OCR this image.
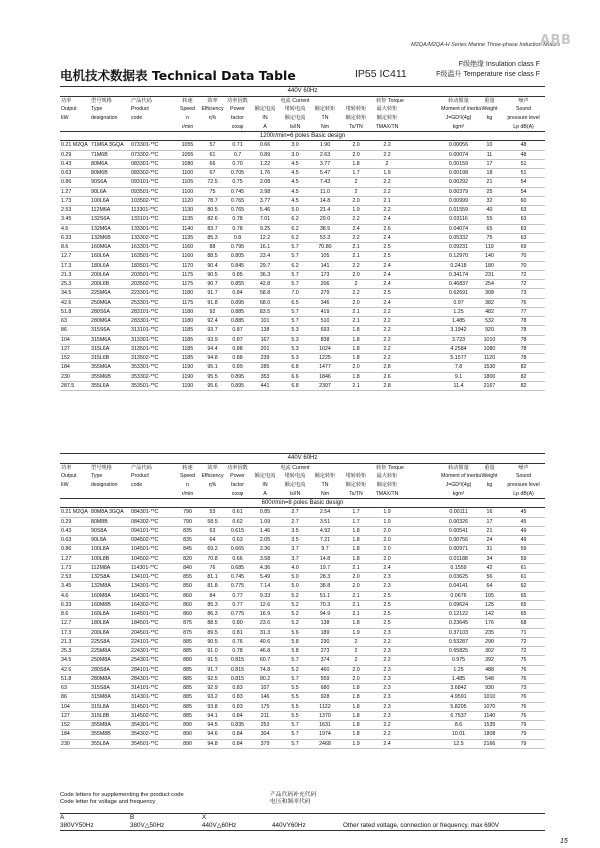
M2QA/M2QA-H Series Marine Three-phase Induction Motors
ABB
电机技术数据表 Technical Data Table	IP55 IC411
F级绝缘 Insulation class F
F级温升 Temperature rise class F
440V 60Hz														
功率	型号规格	产品代码	转速	效率	功率因数	电流 Current			转矩 Torque			转动惯量	重量	噪声
Output	Type	Product	Speed	Efficiency	Power	额定电流	堵转电流	额定转矩	堵转转矩	最大转矩		Moment of inertia	Weight	Sound
kW	designation	code	n	η%	factor	IN	额定电流	TN	额定转矩	额定转矩		J=GD²/(4g)	kg	pressure level
			r/min		cosφ	A	Is/IN	Nm	Ts/TN	TMAX/TN		kgm²		Lp dB(A)
1200r/min=6 poles Basic design														
0.21 M2QA	71M6A 3GQA	073301-**C	1055	57	0.71	0.66	3.0	1.90	2.0	2.2		0.00056	10	48
0.29	71M6B	073302-**C	1055	61	0.7	0.89	3.0	2.63	2.0	2.2		0.00074	11	48
0.43	80M6A	083301-**C	1080	66	0.70	1.22	4.5	3.77	1.8	2		0.00159	17	51
0.63	80M6B	083302-**C	1100	67	0.705	1.76	4.5	5.47	1.7	1.9		0.00198	18	51
0.86	90S6A	093101-**C	1105	72.5	0.75	2.08	4.5	7.43	2	2.2		0.00292	21	54
1.27	90L6A	093501-**C	1100	75	0.745	2.98	4.5	11.0	2	2.2		0.00379	25	54
1.73	100L6A	103502-**C	1120	78.7	0.765	3.77	4.5	14.8	2.0	2.1		0.00999	32	60
2.53	112M6A	113301-**C	1130	80.5	0.765	5.46	5.0	21.4	1.9	2.2		0.01559	40	63
3.45	132S6A	133101-**C	1135	82.6	0.78	7.01	6.2	29.0	2.2	2.4		0.03116	55	63
4.6	132M6A	133301-**C	1140	83.7	0.78	9.25	6.2	38.5	2.4	2.6		0.04074	65	63
6.33	132M6B	133302-**C	1135	85.3	0.8	12.2	6.2	53.3	2.2	2.4		0.05332	75	63
8.6	160M6A	163301-**C	1160	88	0.795	16.1	5.7	70.80	2.1	2.5		0.09231	119	69
12.7	160L6A	163501-**C	1160	88.5	0.805	23.4	5.7	105	2.1	2.5		0.12970	140	70
17.3	180L6A	183501-**C	1170	90.4	0.845	29.7	6.2	141	2.2	2.4		0.2418	180	70
21.3	200L6A	203501-**C	1175	90.5	0.85	36.3	5.7	173	2.0	2.4		0.34174	231	72
25.3	200L6B	203502-**C	1175	90.7	0.855	42.8	5.7	206	2	2.4		0.46837	254	72
34.5	225M6A	223301-**C	1180	91.7	0.84	58.8	7.0	279	2.2	2.5		0.62691	308	73
42.6	250M6A	253301-**C	1175	91.8	0.895	68.0	6.5	346	2.0	2.4		0.97	382	76
51.8	280S6A	283101-**C	1180	92	0.885	83.5	5.7	419	2.1	2.2		1.25	482	77
63	280M6A	283301-**C	1180	92.4	0.885	101	5.7	510	2.1	2.2		1.485	532	78
86	315S6A	313101-**C	1185	93.7	0.87	138	5.3	693	1.8	2.2		3.1942	920	78
104	315M6A	313301-**C	1185	93.9	0.87	167	5.3	838	1.8	2.2		3.723	1010	78
127	315L6A	313501-**C	1185	94.4	0.88	201	5.3	1024	1.8	2.2		4.2584	1080	78
152	315L6B	313502-**C	1185	94.8	0.88	239	5.3	1225	1.8	2.2		5.1577	1120	78
184	355M6A	353301-**C	1190	95.1	0.89	285	6.8	1477	2.0	2.8		7.8	1530	82
230	355M6B	353302-**C	1190	95.5	0.895	353	6.6	1846	1.8	2.6		9.1	1800	82
287.5	355L6A	353501-**C	1190	95.6	0.895	441	6.8	2307	2.1	2.8		11.4	2167	82
440V 60Hz														
功率	型号规格	产品代码	转速	效率	功率因数	电流 Current			转矩 Torque			转动惯量	重量	噪声
Output	Type	Product	Speed	Efficiency	Power	额定电流	堵转电流	额定转矩	堵转转矩	最大转矩		Moment of inertia	Weight	Sound
kW	designation	code	n	η%	factor	IN	额定电流	TN	额定转矩	额定转矩		J=GD²/(4g)	kg	pressure level
			r/min		cosφ	A	Is/IN	Nm	Ts/TN	TMAX/TN		kgm²		Lp dB(A)
600r/min=8 poles Basic design														
0.21 M2QA	80M8A 3GQA	084301-**C	790	53	0.61	0.85	2.7	2.54	1.7	1.9		0.00111	16	45
0.29	80M8B	084302-**C	790	58.5	0.62	1.09	2.7	3.51	1.7	1.9		0.00326	17	45
0.43	90S8A	094101-**C	835	63	0.615	1.46	3.5	4.92	1.8	2.0		0.00541	21	49
0.63	90L8A	094502-**C	835	64	0.63	2.05	3.5	7.21	1.8	2.0		0.00756	24	49
0.86	100L8A	104501-**C	845	69.2	0.665	2.36	3.7	9.7	1.8	2.0		0.00971	31	59
1.27	100L8B	104502-**C	820	70.8	0.66	3.58	3.7	14.8	1.8	2.0		0.01188	34	59
1.73	112M8A	114301-**C	840	76	0.685	4.36	4.0	19.7	2.1	2.4		0.1559	42	61
2.53	132S8A	134101-**C	855	81.1	0.745	5.49	5.0	28.3	2.0	2.3		0.03625	56	61
3.45	132M8A	134301-**C	850	81.8	0.775	7.14	5.0	38.8	2.0	2.3		0.04141	64	62
4.6	160M8A	164301-**C	860	84	0.77	9.33	5.2	51.1	2.1	2.5		0.0676	105	65
6.33	160M8B	164302-**C	860	85.3	0.77	12.6	5.2	70.3	2.1	2.5		0.09624	125	65
8.6	160L8A	164501-**C	860	86.3	0.775	16.9	5.2	94.9	2.1	2.5		0.12122	142	65
12.7	180L8A	184501-**C	875	88.5	0.80	23.6	5.2	138	1.8	2.5		0.23645	176	68
17.3	200L8A	204501-**C	875	89.5	0.81	31.3	5.6	189	1.9	2.3		0.37103	235	71
21.3	225S8A	224101-**C	885	90.5	0.76	40.6	5.8	230	2	2.2		0.53287	290	72
25.3	225M8A	224301-**C	885	91.0	0.78	46.8	5.8	273	2	2.3		0.65825	302	72
34.5	250M8A	254301-**C	880	91.5	0.815	60.7	5.7	374	2	2.2		0.975	392	75
42.6	280S8A	284101-**C	885	91.7	0.815	74.8	5.2	460	2.0	2.3		1.25	488	76
51.8	280M8A	284301-**C	885	92.5	0.815	90.2	5.7	559	2.0	2.3		1.485	548	76
63	315S8A	314101-**C	885	92.9	0.83	107	5.5	680	1.8	2.3		3.6842	930	73
86	315M8A	314301-**C	885	93.2	0.83	146	5.5	928	1.8	2.3		4.9591	1010	76
104	315L8A	314501-**C	885	93.8	0.83	175	5.5	1122	1.8	2.3		5.8205	1070	76
127	315L8B	314502-**C	885	94.1	0.84	211	5.5	1370	1.8	2.3		6.7537	1140	76
152	355M8A	354301-**C	890	94.5	0.835	253	5.7	1631	1.8	2.2		8.6	1535	79
184	355M8B	354302-**C	890	94.6	0.84	304	5.7	1974	1.8	2.2		10.01	1808	79
230	355L8A	354501-**C	890	94.8	0.84	379	5.7	2468	1.9	2.4		12.5	2166	79
Code letters for supplementing the product code
Code letter for voltage and frequency
产品代码补充代码
电压和频率代码
A	B	X
380VY50Hz	380V△50Hz	440V△60Hz	440VY60Hz	Other rated voltage, connection or frequency, max 690V
15
